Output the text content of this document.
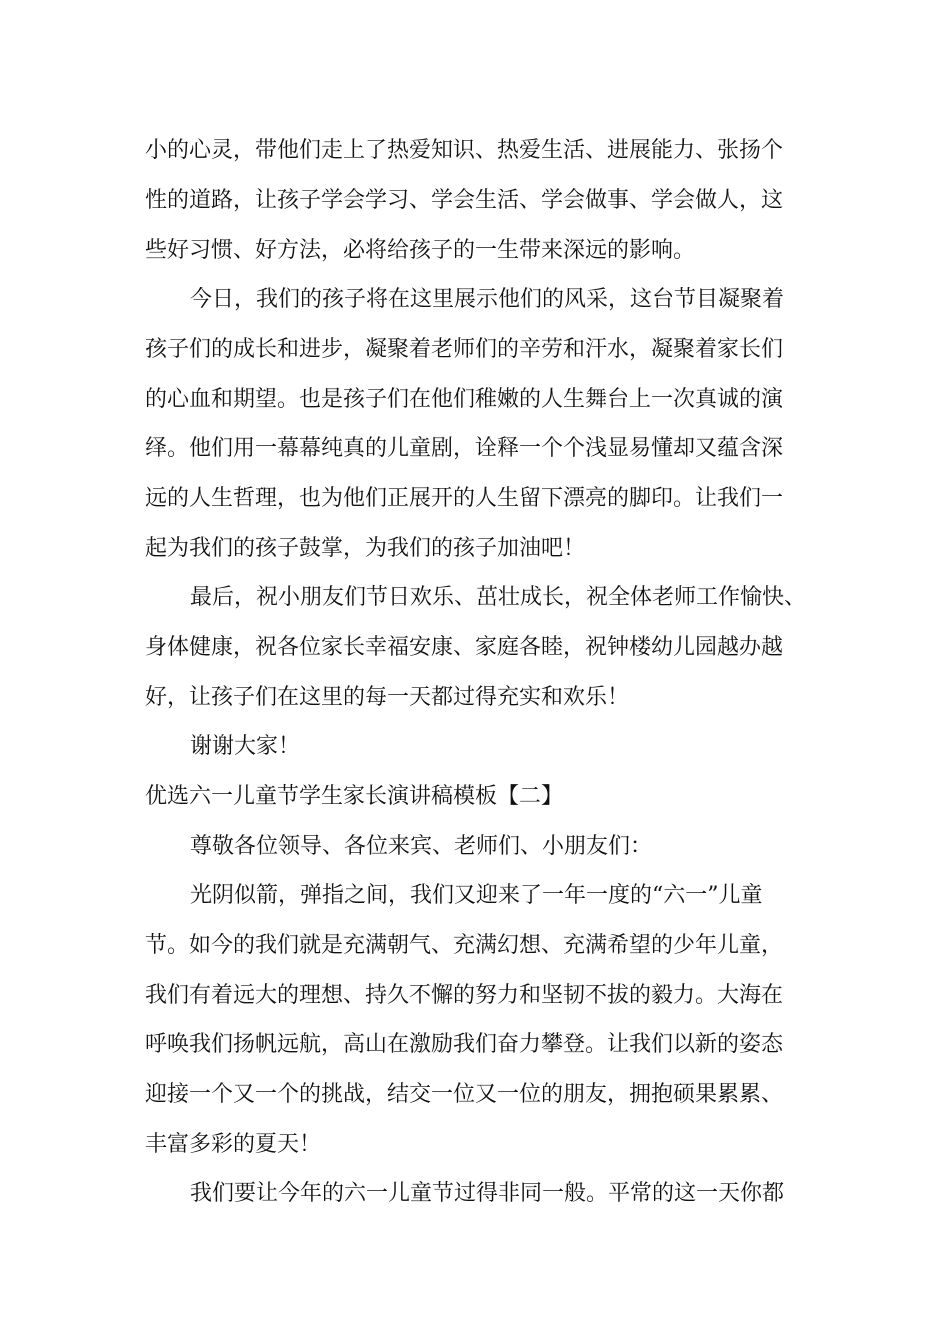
小的心灵，带他们走上了热爱知识、热爱生活、进展能力、张扬个
性的道路，让孩子学会学习、学会生活、学会做事、学会做人，这
些好习惯、好方法，必将给孩子的一生带来深远的影响。
今日，我们的孩子将在这里展示他们的风采，这台节目凝聚着
孩子们的成长和进步，凝聚着老师们的辛劳和汗水，凝聚着家长们
的心血和期望。也是孩子们在他们稚嫩的人生舞台上一次真诚的演
绎。他们用一幕幕纯真的儿童剧，诠释一个个浅显易懂却又蕴含深
远的人生哲理，也为他们正展开的人生留下漂亮的脚印。让我们一
起为我们的孩子鼓掌，为我们的孩子加油吧！
最后，祝小朋友们节日欢乐、茁壮成长，祝全体老师工作愉快、
身体健康，祝各位家长幸福安康、家庭各睦，祝钟楼幼儿园越办越
好，让孩子们在这里的每一天都过得充实和欢乐！
谢谢大家！
优选六一儿童节学生家长演讲稿模板【二】
尊敬各位领导、各位来宾、老师们、小朋友们：
光阴似箭，弹指之间，我们又迎来了一年一度的“六一”儿童
节。如今的我们就是充满朝气、充满幻想、充满希望的少年儿童，
我们有着远大的理想、持久不懈的努力和坚韧不拔的毅力。大海在
呼唤我们扬帆远航，高山在激励我们奋力攀登。让我们以新的姿态
迎接一个又一个的挑战，结交一位又一位的朋友，拥抱硕果累累、
丰富多彩的夏天！
我们要让今年的六一儿童节过得非同一般。平常的这一天你都
